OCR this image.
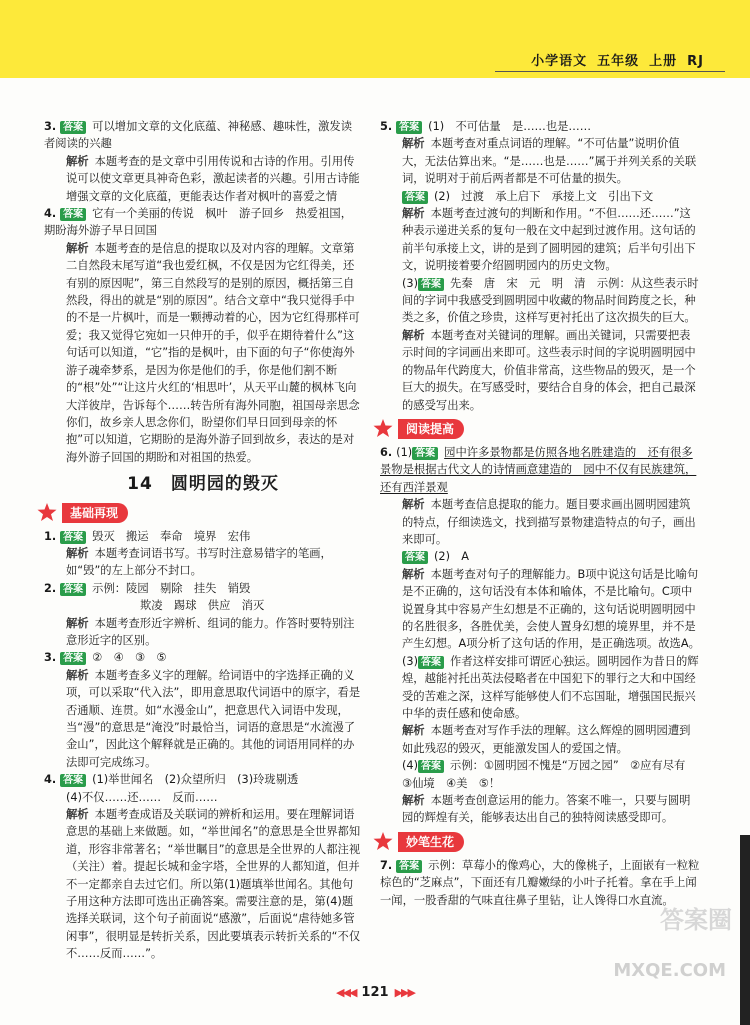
小学语文 五年级 上册 RJ
3. 答案 可以增加文章的文化底蕴、神秘感、趣味性，激发读者阅读的兴趣
解析 本题考查的是文章中引用传说和古诗的作用。引用传说可以使文章更具神奇色彩，激起读者的兴趣。引用古诗能增强文章的文化底蕴，更能表达作者对枫叶的喜爱之情
4. 答案 它有一个美丽的传说　枫叶　游子回乡　热爱祖国，期盼海外游子早日回国
解析 本题考查的是信息的提取以及对内容的理解。文章第二自然段末尾写道“我也爱红枫，不仅是因为它红得美，还有别的原因呢”，第三自然段写的是别的原因，概括第三自然段，得出的就是“别的原因”。结合文章中“我只觉得手中的不是一片枫叶，而是一颗搏动着的心，因为它红得那样可爱；我又觉得它宛如一只伸开的手，似乎在期待着什么”这句话可以知道，“它”指的是枫叶，由下面的句子“你使海外游子魂牵梦系，是因为你是他们的手，你是他们割不断的“根”处”“让这片火红的‘相思叶’，从天平山麓的枫林飞向大洋彼岸，告诉每个……转告所有海外同胞，祖国母亲思念你们，故乡亲人思念你们，盼望你们早日回到母亲的怀抱”可以知道，它期盼的是海外游子回到故乡，表达的是对海外游子回国的期盼和对祖国的热爱。
14　圆明园的毁灭
基础再现
1. 答案 毁灭　搬运　奉命　境界　宏伟
解析 本题考查词语书写。书写时注意易错字的笔画，如“毁”的左上部分不封口。
2. 答案 示例：陵园　剔除　挂失　销毁
欺凌　踢球　供应　消灭
解析 本题考查形近字辨析、组词的能力。作答时要特别注意形近字的区别。
3. 答案 ②　④　③　⑤
解析 本题考查多义字的理解。给词语中的字选择正确的义项，可以采取“代入法”，即用意思取代词语中的原字，看是否通顺、连贯。如“水漫金山”，把意思代入词语中发现，当“漫”的意思是“淹没”时最恰当，词语的意思是“水流漫了金山”，因此这个解释就是正确的。其他的词语用同样的办法即可完成练习。
4. 答案 (1)举世闻名　(2)众望所归　(3)玲珑剔透
(4)不仅……还……　反而……
解析 本题考查成语及关联词的辨析和运用。要在理解词语意思的基础上来做题。如，“举世闻名”的意思是全世界都知道，形容非常著名；“举世瞩目”的意思是全世界的人都注视（关注）着。提起长城和金字塔，全世界的人都知道，但并不一定都亲自去过它们。所以第(1)题填举世闻名。其他句子用这种方法即可选出正确答案。需要注意的是，第(4)题选择关联词，这个句子前面说“感激”，后面说“虐待她多管闲事”，很明显是转折关系，因此要填表示转折关系的“不仅不……反而……”。
5. 答案 (1)　不可估量　是……也是……
解析 本题考查对重点词语的理解。“不可估量”说明价值大，无法估算出来。“是……也是……”属于并列关系的关联词，说明对于前后两者都是不可估量的损失。
答案 (2)　过渡　承上启下　承接上文　引出下文
解析 本题考查过渡句的判断和作用。“不但……还……”这种表示递进关系的复句一般在文中起到过渡作用。这句话的前半句承接上文，讲的是到了圆明园的建筑；后半句引出下文，说明接着要介绍圆明园内的历史文物。
(3) 答案 先秦　唐　宋　元　明　清　示例：从这些表示时间的字词中我感受到圆明园中收藏的物品时间跨度之长，种类之多，价值之珍贵，这样写更衬托出了这次损失的巨大。
解析 本题考查对关键词的理解。画出关键词，只需要把表示时间的字词画出来即可。这些表示时间的字说明圆明园中的物品年代跨度大，价值非常高，这些物品的毁灭，是一个巨大的损失。在写感受时，要结合自身的体会，把自己最深的感受写出来。
阅读提高
6. (1) 答案 园中许多景物都是仿照各地名胜建造的　还有很多景物是根据古代文人的诗情画意建造的　园中不仅有民族建筑，还有西洋景观
解析 本题考查信息提取的能力。题目要求画出圆明园建筑的特点，仔细读选文，找到描写景物建造特点的句子，画出来即可。
答案 (2)　A
解析 本题考查对句子的理解能力。B项中说这句话是比喻句是不正确的，这句话没有本体和喻体，不是比喻句。C项中说置身其中容易产生幻想是不正确的，这句话说明圆明园中的名胜很多，各胜优美，会使人置身幻想的境界里，并不是产生幻想。A项分析了这句话的作用，是正确选项。故选A。
(3) 答案 作者这样安排可谓匠心独运。圆明园作为昔日的辉煌，越能衬托出英法侵略者在中国犯下的罪行之大和中国经受的苦难之深，这样写能够使人们不忘国耻，增强国民振兴中华的责任感和使命感。
解析 本题考查对写作手法的理解。这么辉煌的圆明园遭到如此残忍的毁灭，更能激发国人的爱国之情。
(4) 答案 示例：①圆明园不愧是“万园之园”　②应有尽有　③仙境　④美　⑤！
解析 本题考查创意运用的能力。答案不唯一，只要与圆明园的辉煌有关，能够表达出自己的独特阅读感受即可。
妙笔生花
7. 答案 示例：草莓小的像鸡心，大的像桃子，上面嵌有一粒粒棕色的“芝麻点”，下面还有几瓣嫩绿的小叶子托着。拿在手上闻一闻，一股香甜的气味直往鼻子里钻，让人馋得口水直流。
◀◀◀ 121 ▶▶▶
答案圈
MXQE.COM
